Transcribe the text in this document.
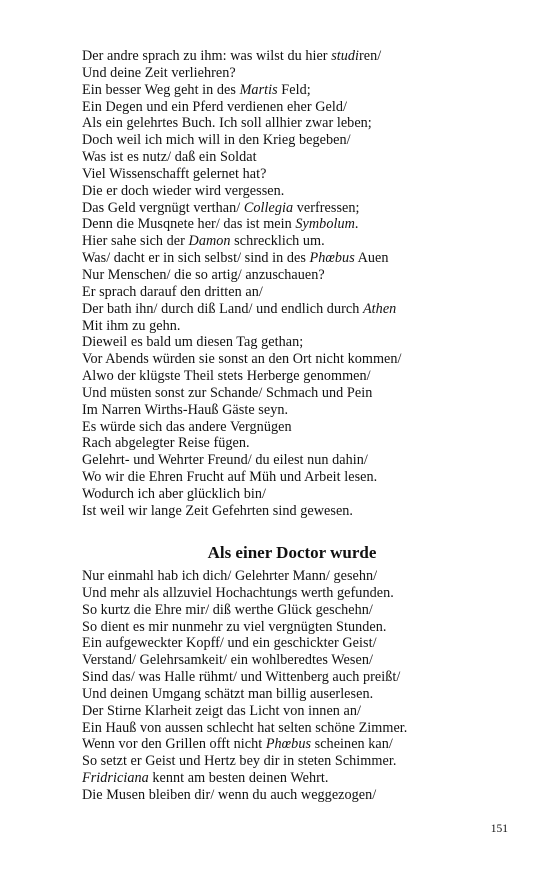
Der andre sprach zu ihm: was wilst du hier studiren/
Und deine Zeit verliehren?
Ein besser Weg geht in des Martis Feld;
Ein Degen und ein Pferd verdienen eher Geld/
Als ein gelehrtes Buch. Ich soll allhier zwar leben;
Doch weil ich mich will in den Krieg begeben/
Was ist es nutz/ daß ein Soldat
Viel Wissenschafft gelernet hat?
Die er doch wieder wird vergessen.
Das Geld vergnügt verthan/ Collegia verfressen;
Denn die Musqnete her/ das ist mein Symbolum.
Hier sahe sich der Damon schrecklich um.
Was/ dacht er in sich selbst/ sind in des Phœbus Auen
Nur Menschen/ die so artig/ anzuschauen?
Er sprach darauf den dritten an/
Der bath ihn/ durch diß Land/ und endlich durch Athen
Mit ihm zu gehn.
Dieweil es bald um diesen Tag gethan;
Vor Abends würden sie sonst an den Ort nicht kommen/
Alwo der klügste Theil stets Herberge genommen/
Und müsten sonst zur Schande/ Schmach und Pein
Im Narren Wirths-Hauß Gäste seyn.
Es würde sich das andere Vergnügen
Rach abgelegter Reise fügen.
Gelehrt- und Wehrter Freund/ du eilest nun dahin/
Wo wir die Ehren Frucht auf Müh und Arbeit lesen.
Wodurch ich aber glücklich bin/
Ist weil wir lange Zeit Gefehrten sind gewesen.
Als einer Doctor wurde
Nur einmahl hab ich dich/ Gelehrter Mann/ gesehn/
Und mehr als allzuviel Hochachtungs werth gefunden.
So kurtz die Ehre mir/ diß werthe Glück geschehn/
So dient es mir nunmehr zu viel vergnügten Stunden.
Ein aufgeweckter Kopff/ und ein geschickter Geist/
Verstand/ Gelehrsamkeit/ ein wohlberedtes Wesen/
Sind das/ was Halle rühmt/ und Wittenberg auch preißt/
Und deinen Umgang schätzt man billig auserlesen.
Der Stirne Klarheit zeigt das Licht von innen an/
Ein Hauß von aussen schlecht hat selten schöne Zimmer.
Wenn vor den Grillen offt nicht Phœbus scheinen kan/
So setzt er Geist und Hertz bey dir in steten Schimmer.
Fridriciana kennt am besten deinen Wehrt.
Die Musen bleiben dir/ wenn du auch weggezogen/
151
